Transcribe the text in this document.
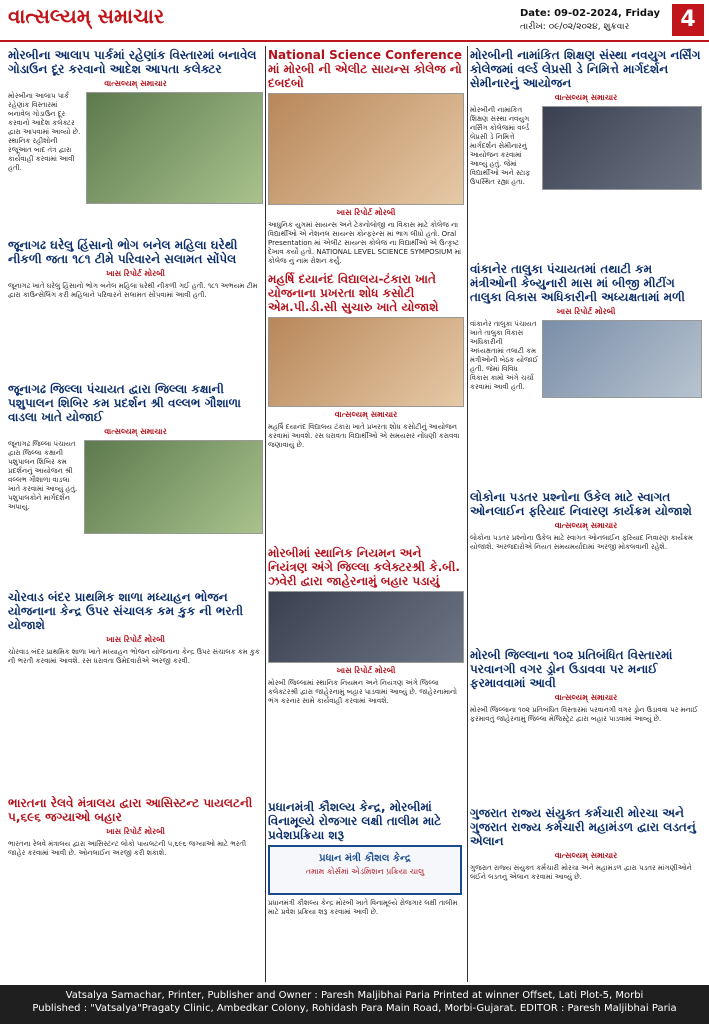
વાત્સલ્યમ્ સમાચાર	Date: 09-02-2024, Friday
તારીખ: ૦૯/૦૨/૨૦૨૪, શુક્રવાર	4
મોરબીના આલાપ પાર્કમાં રહેણાંક વિસ્તારમાં બનાવેલ ગોડાઉન દૂર કરવાનો આદેશ આપતા કલેક્ટર
વાત્સલ્યમ્ સમાચાર
મોરબીના આલાપ પાર્ક રહેણાંક વિસ્તારમાં બનાવેલ ગોડાઉન દૂર કરવાનો આદેશ કલેક્ટર દ્વારા આપવામાં આવ્યો છે. સ્થાનિક રહીશોની રજૂઆત બાદ તંત્ર દ્વારા કાર્યવાહી કરવામાં આવી હતી.
National Science Conference માં મોરબી ની એલીટ સાયન્સ કોલેજ નો દબદબો
ખાસ રિપોર્ટ મોરબી
આધુનિક યુગમાં સાયન્સ અને ટેકનોલોજી ના વિકાસ માટે કોલેજ ના વિદ્યાર્થીઓ એ નેશનલ સાયન્સ કોન્ફરન્સ માં ભાગ લીધો હતો. Oral Presentation માં એલીટ સાયન્સ કોલેજ ના વિદ્યાર્થીઓ એ ઉત્કૃષ્ટ દેખાવ કર્યો હતો. NATIONAL LEVEL SCIENCE SYMPOSIUM માં કોલેજ નું નામ રોશન કર્યું.
મોરબીની નામાંકિત શિક્ષણ સંસ્થા નવયુગ નર્સિંગ કોલેજમાં વર્લ્ડ લેપ્રસી ડે નિમિત્તે માર્ગદર્શન સેમીનારનું આયોજન
વાત્સલ્યમ્ સમાચાર
મોરબીની નામાંકિત શિક્ષણ સંસ્થા નવયુગ નર્સિંગ કોલેજમાં વર્લ્ડ લેપ્રસી ડે નિમિત્તે માર્ગદર્શન સેમીનારનું આયોજન કરવામાં આવ્યું હતું. જેમાં વિદ્યાર્થીઓ અને સ્ટાફ ઉપસ્થિત રહ્યા હતા.
જૂનાગઢ ઘરેલુ હિંસાનો ભોગ બનેલ મહિલા ઘરેથી નીકળી જતા ૧૮૧ ટીમે પરિવારને સલામત સોંપેલ
ખાસ રિપોર્ટ મોરબી
જૂનાગઢ ખાતે ઘરેલુ હિંસાનો ભોગ બનેલ મહિલા ઘરેથી નીકળી ગઈ હતી. ૧૮૧ અભયમ ટીમ દ્વારા કાઉન્સેલિંગ કરી મહિલાને પરિવારને સલામત સોંપવામાં આવી હતી.
મહર્ષિ દયાનંદ વિદ્યાલય-ટંકારા ખાતે યોજનાના પ્રખરતા શોધ કસોટી એમ.પી.ડી.સી સુચારુ ખાતે યોજાશે
વાત્સલ્યમ્ સમાચાર
મહર્ષિ દયાનંદ વિદ્યાલય ટંકારા ખાતે પ્રખરતા શોધ કસોટીનું આયોજન કરવામાં આવશે. રસ ધરાવતા વિદ્યાર્થીઓ એ સમયસર નોંધણી કરાવવા જણાવાયું છે.
વાંકાનેર તાલુકા પંચાયતમાં તથાટી કમ મંત્રીઓની કેબ્યુનારી માસ માં બીજી મીટીંગ તાલુકા વિકાસ અધિકારીની અધ્યક્ષતામાં મળી
ખાસ રિપોર્ટ મોરબી
વાંકાનેર તાલુકા પંચાયત ખાતે તાલુકા વિકાસ અધિકારીની અધ્યક્ષતામાં તલાટી કમ મંત્રીઓની બેઠક યોજાઈ હતી. જેમાં વિવિધ વિકાસ કામો અંગે ચર્ચા કરવામાં આવી હતી.
જૂનાગઢ જિલ્લા પંચાયત દ્વારા જિલ્લા કક્ષાની પશુપાલન શિબિર કમ પ્રદર્શન શ્રી વલ્લભ ગૌશાળા વાડલા ખાતે યોજાઈ
વાત્સલ્યમ્ સમાચાર
જૂનાગઢ જિલ્લા પંચાયત દ્વારા જિલ્લા કક્ષાની પશુપાલન શિબિર કમ પ્રદર્શનનું આયોજન શ્રી વલ્લભ ગૌશાળા વાડલા ખાતે કરવામાં આવ્યું હતું. પશુપાલકોને માર્ગદર્શન અપાયું.
મોરબીમાં સ્થાનિક નિયમન અને નિયંત્રણ અંગે જિલ્લા કલેક્ટરશ્રી કે.બી. ઝવેરી દ્વારા જાહેરનામું બહાર પડાયું
ખાસ રિપોર્ટ મોરબી
મોરબી જિલ્લામાં સ્થાનિક નિયમન અને નિયંત્રણ અંગે જિલ્લા કલેક્ટરશ્રી દ્વારા જાહેરનામું બહાર પાડવામાં આવ્યું છે. જાહેરનામાનો ભંગ કરનાર સામે કાર્યવાહી કરવામાં આવશે.
લોકોના પડતર પ્રશ્નોના ઉકેલ માટે સ્વાગત ઓનલાઈન ફરિયાદ નિવારણ કાર્યક્રમ યોજાશે
વાત્સલ્યમ્ સમાચાર
લોકોના પડતર પ્રશ્નોના ઉકેલ માટે સ્વાગત ઓનલાઈન ફરિયાદ નિવારણ કાર્યક્રમ યોજાશે. અરજદારોએ નિયત સમયમર્યાદામાં અરજી મોકલવાની રહેશે.
ચોરવાડ બંદર પ્રાથમિક શાળા મધ્યાહન ભોજન યોજનાના કેન્દ્ર ઉપર સંચાલક કમ કુક ની ભરતી યોજાશે
ખાસ રિપોર્ટ મોરબી
ચોરવાડ બંદર પ્રાથમિક શાળા ખાતે મધ્યાહન ભોજન યોજનાના કેન્દ્ર ઉપર સંચાલક કમ કુક ની ભરતી કરવામાં આવશે. રસ ધરાવતા ઉમેદવારોએ અરજી કરવી.	મોરબી જિલ્લાના ૧૦૨ પ્રતિબંધિત વિસ્તારમાં પરવાનગી વગર ડ્રોન ઉડાવવા પર મનાઈ ફરમાવવામાં આવી
વાત્સલ્યમ્ સમાચાર
મોરબી જિલ્લાના ૧૦૨ પ્રતિબંધિત વિસ્તારમાં પરવાનગી વગર ડ્રોન ઉડાવવા પર મનાઈ ફરમાવતું જાહેરનામું જિલ્લા મેજિસ્ટ્રેટ દ્વારા બહાર પાડવામાં આવ્યું છે.
ભારતના રેલવે મંત્રાલય દ્વારા આસિસ્ટન્ટ પાયલટની ૫,૬૯૬ જગ્યાઓ બહાર
ખાસ રિપોર્ટ મોરબી
ભારતના રેલવે મંત્રાલય દ્વારા આસિસ્ટન્ટ લોકો પાયલટની ૫,૬૯૬ જગ્યાઓ માટે ભરતી જાહેર કરવામાં આવી છે. ઓનલાઈન અરજી કરી શકાશે.
પ્રધાનમંત્રી કૌશલ્ય કેન્દ્ર, મોરબીમાં વિનામૂલ્યે રોજગાર લક્ષી તાલીમ માટે પ્રવેશપ્રક્રિયા શરૂ
પ્રધાન મંત્રી કૌશલ કેન્દ્ર
તમામ કોર્સમાં એડમિશન પ્રક્રિયા ચાલુ
પ્રધાનમંત્રી કૌશલ્ય કેન્દ્ર મોરબી ખાતે વિનામૂલ્યે રોજગાર લક્ષી તાલીમ માટે પ્રવેશ પ્રક્રિયા શરૂ કરવામાં આવી છે.
ગુજરાત રાજ્ય સંયુક્ત કર્મચારી મોરચા અને ગુજરાત રાજ્ય કર્મચારી મહામંડળ દ્વારા લડતનું એલાન
વાત્સલ્યમ્ સમાચાર
ગુજરાત રાજ્ય સંયુક્ત કર્મચારી મોરચા અને મહામંડળ દ્વારા પડતર માંગણીઓને લઈને લડતનું એલાન કરવામાં આવ્યું છે.
Vatsalya Samachar, Printer, Publisher and Owner : Paresh Maljibhai Paria Printed at winner Offset, Lati Plot-5, Morbi
Published : "Vatsalya"Pragaty Clinic, Ambedkar Colony, Rohidash Para Main Road, Morbi-Gujarat. EDITOR : Paresh Maljibhai Paria
